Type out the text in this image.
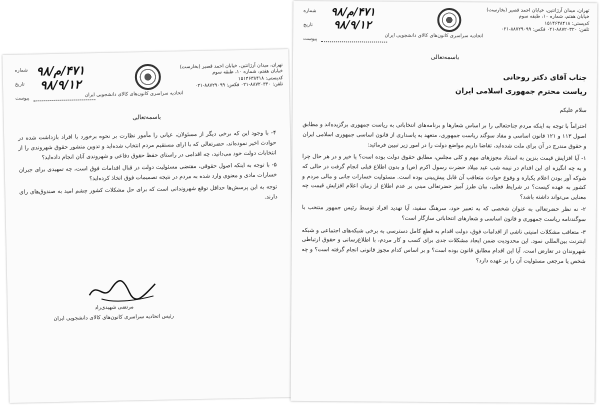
اتحادیه سراسری کانون‌های کالای دانشجویی ایران
تهران، میدان آرژانتین، خیابان احمد قصیر (بخارست)
خیابان هفتم، شماره ۱۰، طبقه سوم
کدپستی: ۱۵۱۴۶۳۸۴۱۸
تلفن: ۸۸۷۲۰۳۲۰-۰۲۱ فکس: ۸۸۷۲۹۰۹۹-۰۲۱
شماره ۴۷۱/م/۹۸
تاریخ	۹۸/۹/۱۲
پیوست
باسمه‌تعالی

۴- با وجود این که برخی دیگر از مسئولان، عیانی را مأمور نظارت بر نحوه برخورد با افراد بازداشت شده در حوادث اخیر نموده‌اند، حضرتعالی که با ارای مستقیم مردم انتخاب شده‌اید و تدوین منشور حقوق شهروندی را از انتخابات دولت خود می‌دانید، چه اقدامی در راستای حفظ حقوق دفاعی و شهروندی آنان انجام داده‌اید؟

۵- با توجه به اینکه اصول حقوقی، مقتضی مسئولیت دولت در قبال اقدامات فوق است، چه تمهیدی برای جبران خسارات مادی و معنوی وارد شده به مردم در نتیجه تصمیمات فوق اتخاذ کرده‌اید؟

توجه به این پرسش‌ها حداقل توقع شهروندانی است که برای حل مشکلات کشور چشم امید به صندوق‌های رای دارند.

مرتضی شهیدی‌راد
رئیس اتحادیه سراسری کانون‌های کالای دانشجویی ایران
اتحادیه سراسری کانون‌های کالای دانشجویی ایران
تهران، میدان آرژانتین، خیابان احمد قصیر (بخارست)
خیابان هفتم، شماره ۱۰، طبقه سوم
کدپستی: ۱۵۱۴۶۳۸۴۱۸
تلفن: ۸۸۷۲۰۳۲۰-۰۲۱ فکس: ۸۸۷۲۹۰۹۹-۰۲۱
شماره	۴۷۱/م/۹۸
تاریخ	۹۸/۹/۱۲
پیوست
باسمه‌تعالی
جناب آقای دکتر روحانی
ریاست محترم جمهوری اسلامی ایران
سلام علیکم

احتراماً با توجه به اینکه مردم جناحتعالی را بر اساس شعارها و برنامه‌های انتخاباتی به ریاست جمهوری برگزیده‌اند و مطابق اصول ۱۱۳ و ۱۲۱ قانون اساسی و مفاد سوگند ریاست جمهوری، متعهد به پاسداری از قانون اساسی جمهوری اسلامی ایران و حقوق مندرج در آن برای ملت شده‌اید، تقاضا داریم مواضع دولت را در امور زیر تبیین فرمائید:

۱- آیا افزایش قیمت بنزین به استناد مجوزهای مهم و کلی مجلس، مطابق حقوق دولت بوده است؟ یا خیر و در هر حال چرا و به چه انگیزه ای این اقدام در نیمه شب عید میلاد حضرت رسول اکرم (ص) و بدون اطلاع قبلی انجام گرفت در حالی که شوکه آور بودن اعلام یکباره و وقوع حوادث متعاقب آن قابل پیش‌بینی بوده است. مسئولیت خسارات جانی و مالی مردم و کشور به عهده کیست؟ در شرایط فعلی، بیان طرز آمیز حضرتعالی مبنی بر عدم اطلاع از زمان اعلام افزایش قیمت چه معنایی می‌تواند داشته باشد؟

۲- نه نظر حضرتعالی به عنوان شخصی که به تعبیر خود، سرهنگ سفید، آیا تهدید افراد توسط رئیس جمهور منتخب با سوگندنامه ریاست جمهوری و قانون اساسی و شعارهای انتخاباتی سازگار است؟

۳- متعاقب مشکلات امنیتی ناشی از اقدامات فوق، دولت اقدام به قطع کامل دسترسی به برخی شبکه‌های اجتماعی و شبکه اینترنت بین‌المللی نمود. این محدودیت ضمن ایجاد مشکلات جدی برای کسب و کار مردم، با اطلاع‌رسانی و حقوق ارتباطی شهروندان در تعارض است. آیا این اقدام مطابق قانون بوده است؟ و بر اساس کدام مجوز قانونی انجام گرفته است؟ و چه شخص یا مرجعی مسئولیت آن را بر عهده دارد؟
